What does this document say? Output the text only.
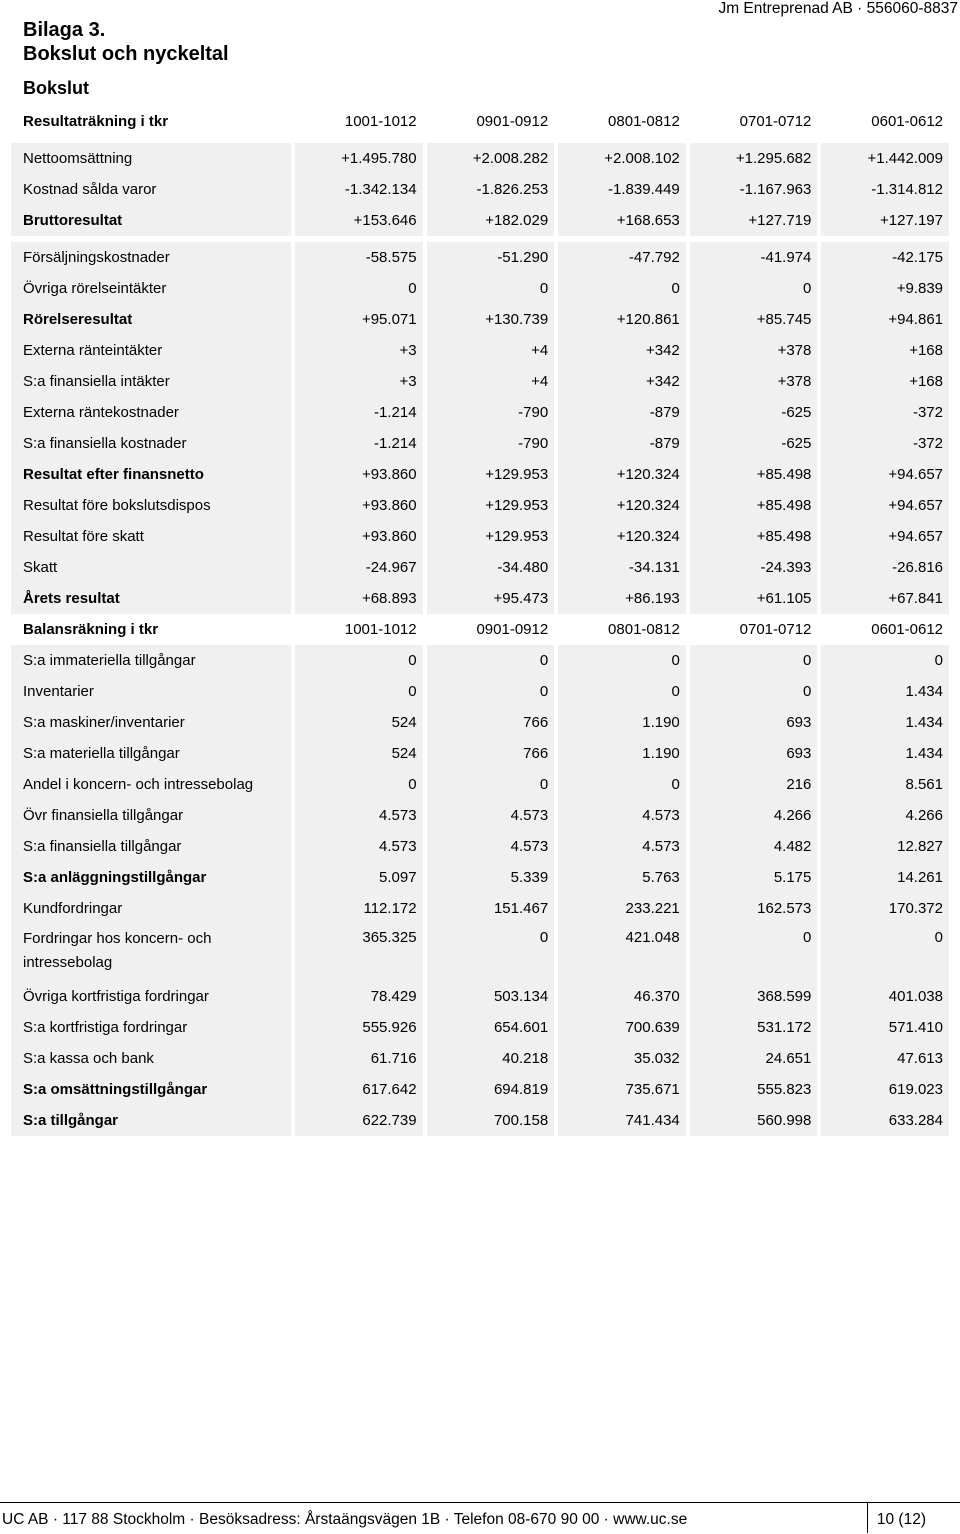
Jm Entreprenad AB · 556060-8837
Bilaga 3.
Bokslut och nyckeltal
Bokslut
Resultaträkning i tkr	1001-1012	0901-0912	0801-0812	0701-0712	0601-0612

Nettoomsättning	+1.495.780	+2.008.282	+2.008.102	+1.295.682	+1.442.009
Kostnad sålda varor	-1.342.134	-1.826.253	-1.839.449	-1.167.963	-1.314.812
Bruttoresultat	+153.646	+182.029	+168.653	+127.719	+127.197

Försäljningskostnader	-58.575	-51.290	-47.792	-41.974	-42.175
Övriga rörelseintäkter	0	0	0	0	+9.839
Rörelseresultat	+95.071	+130.739	+120.861	+85.745	+94.861
Externa ränteintäkter	+3	+4	+342	+378	+168
S:a finansiella intäkter	+3	+4	+342	+378	+168
Externa räntekostnader	-1.214	-790	-879	-625	-372
S:a finansiella kostnader	-1.214	-790	-879	-625	-372
Resultat efter finansnetto	+93.860	+129.953	+120.324	+85.498	+94.657
Resultat före bokslutsdispos	+93.860	+129.953	+120.324	+85.498	+94.657
Resultat före skatt	+93.860	+129.953	+120.324	+85.498	+94.657
Skatt	-24.967	-34.480	-34.131	-24.393	-26.816
Årets resultat	+68.893	+95.473	+86.193	+61.105	+67.841
Balansräkning i tkr	1001-1012	0901-0912	0801-0812	0701-0712	0601-0612
S:a immateriella tillgångar	0	0	0	0	0
Inventarier	0	0	0	0	1.434
S:a maskiner/inventarier	524	766	1.190	693	1.434
S:a materiella tillgångar	524	766	1.190	693	1.434
Andel i koncern- och intressebolag	0	0	0	216	8.561
Övr finansiella tillgångar	4.573	4.573	4.573	4.266	4.266
S:a finansiella tillgångar	4.573	4.573	4.573	4.482	12.827
S:a anläggningstillgångar	5.097	5.339	5.763	5.175	14.261
Kundfordringar	112.172	151.467	233.221	162.573	170.372
Fordringar hos koncern- och intressebolag	365.325	0	421.048	0	0
Övriga kortfristiga fordringar	78.429	503.134	46.370	368.599	401.038
S:a kortfristiga fordringar	555.926	654.601	700.639	531.172	571.410
S:a kassa och bank	61.716	40.218	35.032	24.651	47.613
S:a omsättningstillgångar	617.642	694.819	735.671	555.823	619.023
S:a tillgångar	622.739	700.158	741.434	560.998	633.284
UC AB · 117 88 Stockholm · Besöksadress: Årstaängsvägen 1B · Telefon 08-670 90 00 · www.uc.se	10 (12)
